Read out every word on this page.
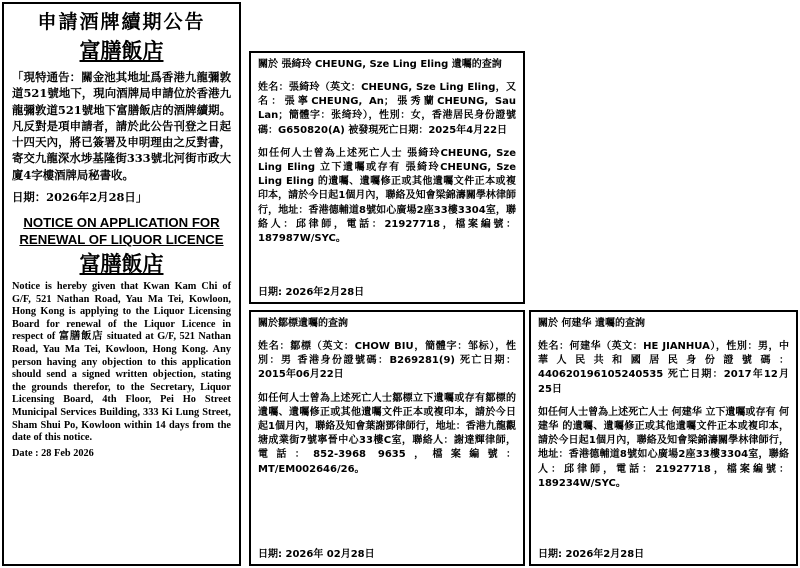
申請酒牌續期公告

富膳飯店

「現特通告：關金池其地址爲香港九龍彌敦道521號地下，現向酒牌局申請位於香港九龍彌敦道521號地下富膳飯店的酒牌續期。凡反對是項申請者，請於此公告刊登之日起十四天內，將已簽署及申明理由之反對書，寄交九龍深水埗基隆街333號北河街市政大廈4字樓酒牌局秘書收。

日期：2026年2月28日」

NOTICE ON APPLICATION FOR RENEWAL OF LIQUOR LICENCE

富膳飯店

Notice is hereby given that Kwan Kam Chi of G/F, 521 Nathan Road, Yau Ma Tei, Kowloon, Hong Kong is applying to the Liquor Licensing Board for renewal of the Liquor Licence in respect of 富膳飯店 situated at G/F, 521 Nathan Road, Yau Ma Tei, Kowloon, Hong Kong. Any person having any objection to this application should send a signed written objection, stating the grounds therefor, to the Secretary, Liquor Licensing Board, 4th Floor, Pei Ho Street Municipal Services Building, 333 Ki Lung Street, Sham Shui Po, Kowloon within 14 days from the date of this notice.

Date : 28 Feb 2026

關於 張綺玲 CHEUNG, Sze Ling Eling 遺囑的查詢

姓名：張綺玲（英文：CHEUNG, Sze Ling Eling，又名：張寧CHEUNG, An；張秀蘭CHEUNG, Sau Lan；簡體字：张绮玲），性別：女，香港居民身份證號碼：G650820(A) 被發現死亡日期：2025年4月22日

如任何人士曾為上述死亡人士 張綺玲CHEUNG, Sze Ling Eling 立下遺囑或存有 張綺玲CHEUNG, Sze Ling Eling 的遺囑、遺囑修正或其他遺囑文件正本或複印本，請於今日起1個月內，聯絡及知會梁錦濤關學林律師行，地址：香港德輔道8號如心廣場2座33樓3304室，聯絡人：邱律師，電話：21927718，檔案編號：187987W/SYC。

日期: 2026年2月28日

關於鄒標遺囑的查詢

姓名：鄒標（英文：CHOW BIU，簡體字：邹标），性別：男 香港身份證號碼：B269281(9) 死亡日期：2015年06月22日

如任何人士曾為上述死亡人士鄒標立下遺囑或存有鄒標的遺囑、遺囑修正或其他遺囑文件正本或複印本，請於今日起1個月內，聯絡及知會葉謝鄧律師行，地址：香港九龍觀塘成業街7號寧晉中心33樓C室，聯絡人：謝達輝律師，電話：852-3968 9635，檔案編號：MT/EM002646/26。

日期: 2026年 02月28日

關於 何建华 遺囑的查詢

姓名：何建华（英文：HE JIANHUA），性別：男，中華人民共和國居民身份證號碼：440620196105240535 死亡日期：2017年12月25日

如任何人士曾為上述死亡人士 何建华 立下遺囑或存有 何建华 的遺囑、遺囑修正或其他遺囑文件正本或複印本，請於今日起1個月內，聯絡及知會梁錦濤關學林律師行，地址：香港德輔道8號如心廣場2座33樓3304室，聯絡人：邱律師，電話：21927718，檔案編號：189234W/SYC。

日期: 2026年2月28日
